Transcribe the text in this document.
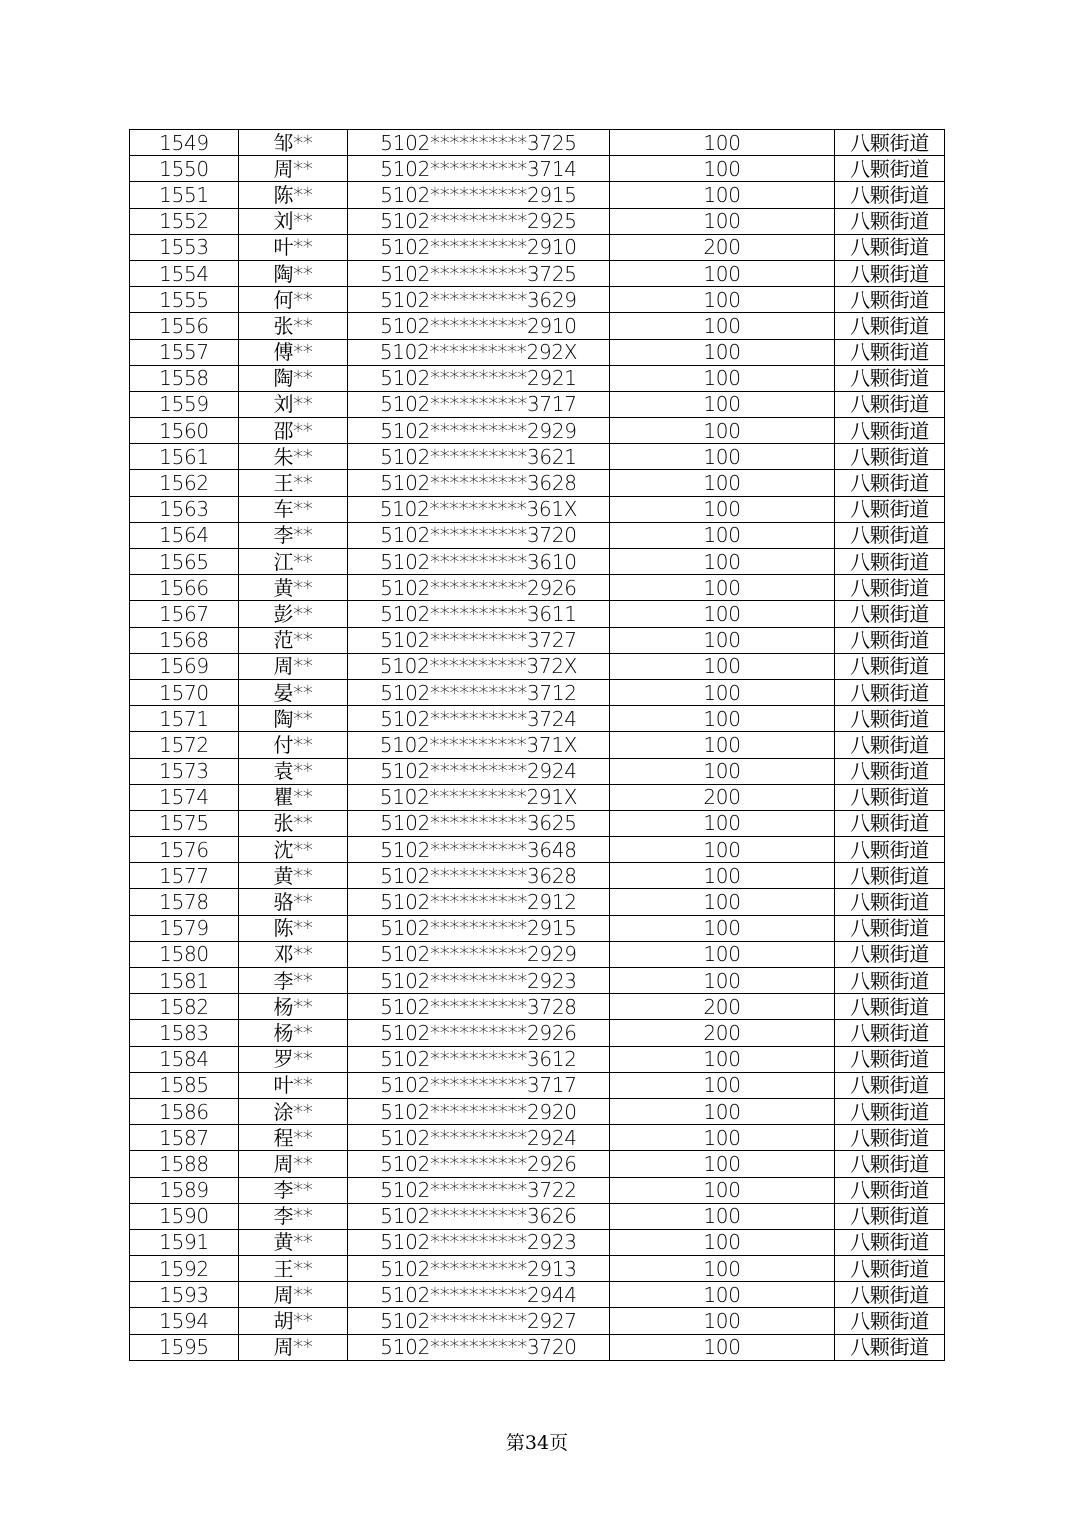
1549	邹**	5102**********3725	100	八颗街道
1550	周**	5102**********3714	100	八颗街道
1551	陈**	5102**********2915	100	八颗街道
1552	刘**	5102**********2925	100	八颗街道
1553	叶**	5102**********2910	200	八颗街道
1554	陶**	5102**********3725	100	八颗街道
1555	何**	5102**********3629	100	八颗街道
1556	张**	5102**********2910	100	八颗街道
1557	傅**	5102**********292X	100	八颗街道
1558	陶**	5102**********2921	100	八颗街道
1559	刘**	5102**********3717	100	八颗街道
1560	邵**	5102**********2929	100	八颗街道
1561	朱**	5102**********3621	100	八颗街道
1562	王**	5102**********3628	100	八颗街道
1563	车**	5102**********361X	100	八颗街道
1564	李**	5102**********3720	100	八颗街道
1565	江**	5102**********3610	100	八颗街道
1566	黄**	5102**********2926	100	八颗街道
1567	彭**	5102**********3611	100	八颗街道
1568	范**	5102**********3727	100	八颗街道
1569	周**	5102**********372X	100	八颗街道
1570	晏**	5102**********3712	100	八颗街道
1571	陶**	5102**********3724	100	八颗街道
1572	付**	5102**********371X	100	八颗街道
1573	袁**	5102**********2924	100	八颗街道
1574	瞿**	5102**********291X	200	八颗街道
1575	张**	5102**********3625	100	八颗街道
1576	沈**	5102**********3648	100	八颗街道
1577	黄**	5102**********3628	100	八颗街道
1578	骆**	5102**********2912	100	八颗街道
1579	陈**	5102**********2915	100	八颗街道
1580	邓**	5102**********2929	100	八颗街道
1581	李**	5102**********2923	100	八颗街道
1582	杨**	5102**********3728	200	八颗街道
1583	杨**	5102**********2926	200	八颗街道
1584	罗**	5102**********3612	100	八颗街道
1585	叶**	5102**********3717	100	八颗街道
1586	涂**	5102**********2920	100	八颗街道
1587	程**	5102**********2924	100	八颗街道
1588	周**	5102**********2926	100	八颗街道
1589	李**	5102**********3722	100	八颗街道
1590	李**	5102**********3626	100	八颗街道
1591	黄**	5102**********2923	100	八颗街道
1592	王**	5102**********2913	100	八颗街道
1593	周**	5102**********2944	100	八颗街道
1594	胡**	5102**********2927	100	八颗街道
1595	周**	5102**********3720	100	八颗街道
第34页
